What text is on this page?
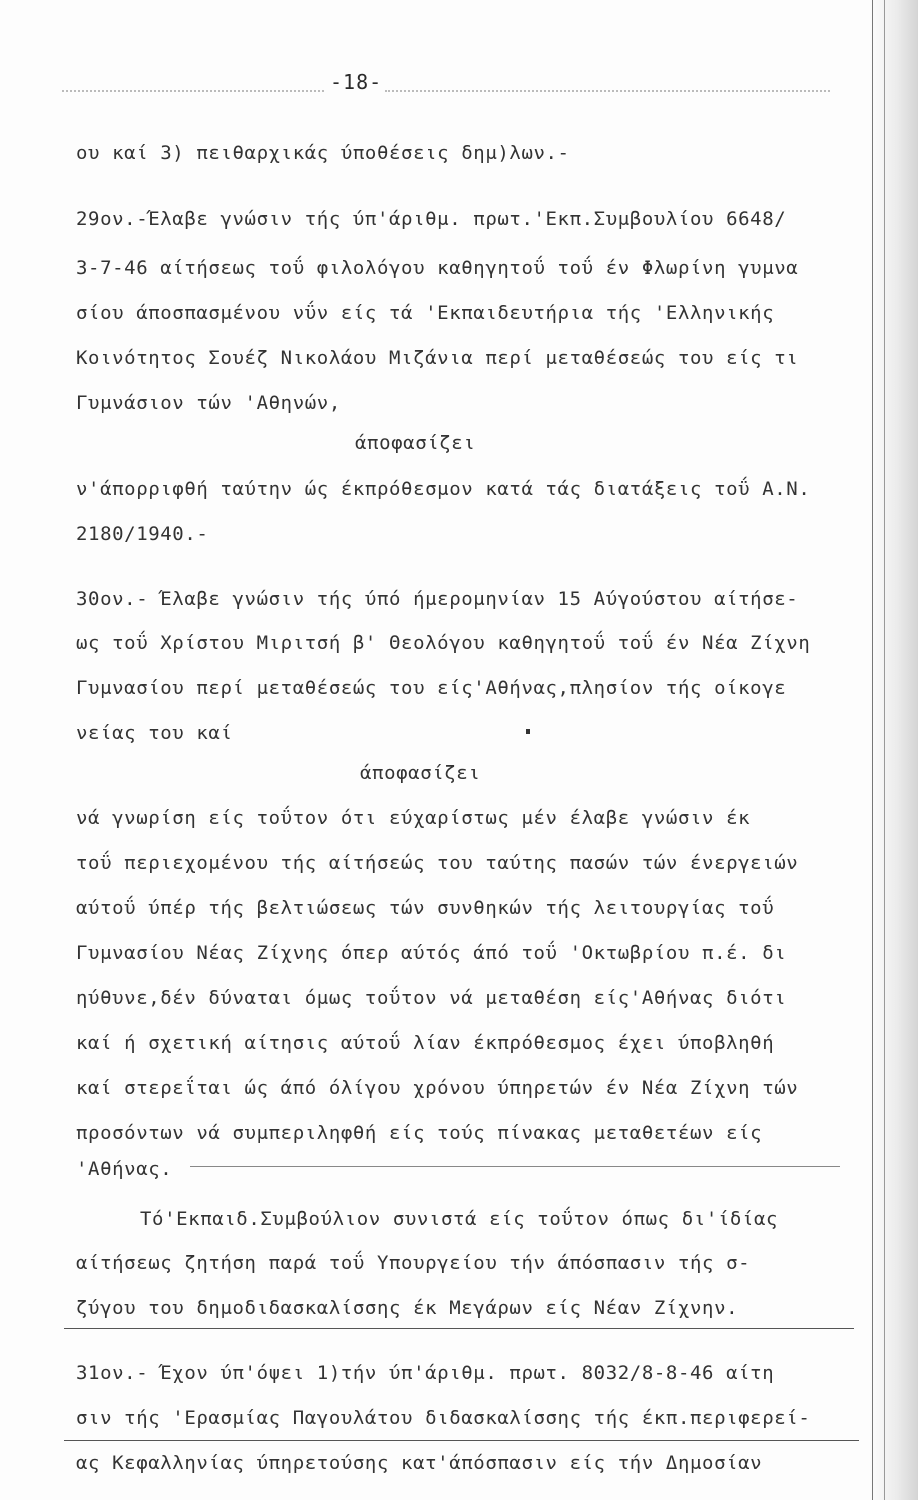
-18-
ου καί 3) πειθαρχικάς ύποθέσεις δημ)λων.-
29ον.-Έλαβε γνώσιν τής ύπ'άριθμ. πρωτ.'Εκπ.Συμβουλίου 6648/
3-7-46 αίτήσεως τοΰ φιλολόγου καθηγητοΰ τοΰ έν Φλωρίνη γυμνα
σίου άποσπασμένου νΰν είς τά 'Εκπαιδευτήρια τής 'Ελληνικής
Κοινότητος Σουέζ Νικολάου Μιζάνια περί μεταθέσεώς του είς τι
Γυμνάσιον τών 'Αθηνών,
άπoφασίζει
ν'άπορριφθή ταύτην ώς έκπρόθεσμον κατά τάς διατάξεις τοΰ Α.Ν.
2180/1940.-
30ον.- Έλαβε γνώσιν τής ύπό ήμερομηνίαν 15 Αύγούστου αίτήσε-
ως τοΰ Χρίστου Μιριτσή β' Θεολόγου καθηγητοΰ τοΰ έν Νέα Ζίχνη
Γυμνασίου περί μεταθέσεώς του είς'Αθήνας,πλησίον τής οίκογε
νείας του καί
άποφασίζει
νά γνωρίση είς τοΰτον ότι εύχαρίστως μέν έλαβε γνώσιν έκ
τοΰ περιεχομένου τής αίτήσεώς του ταύτης πασών τών ένεργειών
αύτοΰ ύπέρ τής βελτιώσεως τών συνθηκών τής λειτουργίας τοΰ
Γυμνασίου Νέας Ζίχνης όπερ αύτός άπό τοΰ 'Οκτωβρίου π.έ. δι
ηύθυνε,δέν δύναται όμως τοΰτον νά μεταθέση είς'Αθήνας διότι
καί ή σχετική αίτησις αύτοΰ λίαν έκπρόθεσμος έχει ύποβληθή
καί στερεΐται ώς άπό όλίγου χρόνου ύπηρετών έν Νέα Ζίχνη τών
προσόντων νά συμπεριληφθή είς τούς πίνακας μεταθετέων είς
'Αθήνας.
Τό'Εκπαιδ.Συμβούλιον συνιστά είς τοΰτον όπως δι'ίδίας
αίτήσεως ζητήση παρά τοΰ Υπουργείου τήν άπόσπασιν τής σ-
ζύγου του δημοδιδασκαλίσσης έκ Μεγάρων είς Νέαν Ζίχνην.
31ον.- Έχον ύπ'όψει 1)τήν ύπ'άριθμ. πρωτ. 8032/8-8-46 αίτη
σιν τής 'Ερασμίας Παγουλάτου διδασκαλίσσης τής έκπ.περιφερεί-
ας Κεφαλληνίας ύπηρετούσης κατ'άπόσπασιν είς τήν Δημοσίαν
